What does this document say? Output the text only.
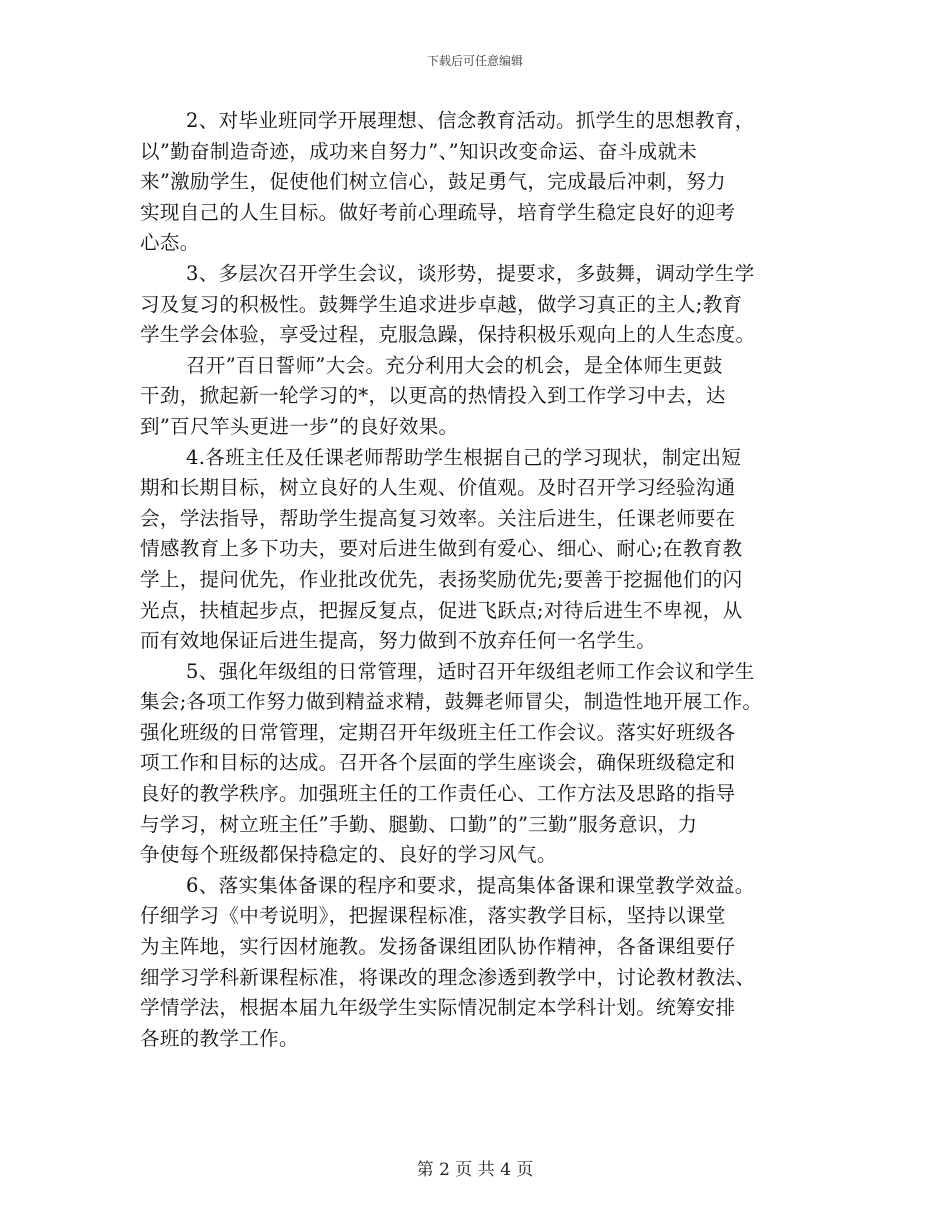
下载后可任意编辑
2、对毕业班同学开展理想、信念教育活动。抓学生的思想教育，
以”勤奋制造奇迹，成功来自努力”、”知识改变命运、奋斗成就未
来”激励学生，促使他们树立信心，鼓足勇气，完成最后冲刺，努力
实现自己的人生目标。做好考前心理疏导，培育学生稳定良好的迎考
心态。
3、多层次召开学生会议，谈形势，提要求，多鼓舞，调动学生学
习及复习的积极性。鼓舞学生追求进步卓越，做学习真正的主人;教育
学生学会体验，享受过程，克服急躁，保持积极乐观向上的人生态度。
召开”百日誓师”大会。充分利用大会的机会，是全体师生更鼓
干劲，掀起新一轮学习的*，以更高的热情投入到工作学习中去，达
到”百尺竿头更进一步”的良好效果。
4.各班主任及任课老师帮助学生根据自己的学习现状，制定出短
期和长期目标，树立良好的人生观、价值观。及时召开学习经验沟通
会，学法指导，帮助学生提高复习效率。关注后进生，任课老师要在
情感教育上多下功夫，要对后进生做到有爱心、细心、耐心;在教育教
学上，提问优先，作业批改优先，表扬奖励优先;要善于挖掘他们的闪
光点，扶植起步点，把握反复点，促进飞跃点;对待后进生不卑视，从
而有效地保证后进生提高，努力做到不放弃任何一名学生。
5、强化年级组的日常管理，适时召开年级组老师工作会议和学生
集会;各项工作努力做到精益求精，鼓舞老师冒尖，制造性地开展工作。
强化班级的日常管理，定期召开年级班主任工作会议。落实好班级各
项工作和目标的达成。召开各个层面的学生座谈会，确保班级稳定和
良好的教学秩序。加强班主任的工作责任心、工作方法及思路的指导
与学习，树立班主任”手勤、腿勤、口勤”的”三勤”服务意识，力
争使每个班级都保持稳定的、良好的学习风气。
6、落实集体备课的程序和要求，提高集体备课和课堂教学效益。
仔细学习《中考说明》，把握课程标准，落实教学目标，坚持以课堂
为主阵地，实行因材施教。发扬备课组团队协作精神，各备课组要仔
细学习学科新课程标准，将课改的理念渗透到教学中，讨论教材教法、
学情学法，根据本届九年级学生实际情况制定本学科计划。统筹安排
各班的教学工作。
第 2 页 共 4 页
